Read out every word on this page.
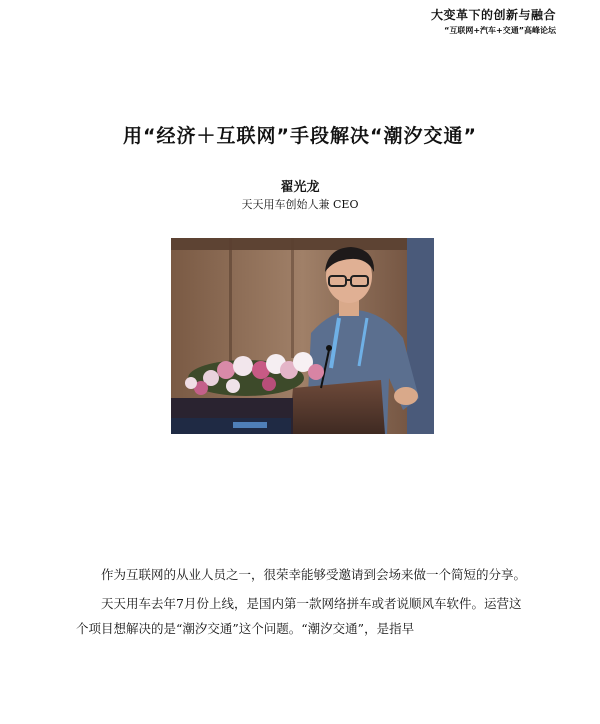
大变革下的创新与融合
“互联网+汽车+交通”高峰论坛
用“经济＋互联网”手段解决“潮汐交通”
翟光龙
天天用车创始人兼 CEO

作为互联网的从业人员之一，很荣幸能够受邀请到会场来做一个简短的分享。

天天用车去年7月份上线，是国内第一款网络拼车或者说顺风车软件。运营这个项目想解决的是“潮汐交通”这个问题。“潮汐交通”，是指早
